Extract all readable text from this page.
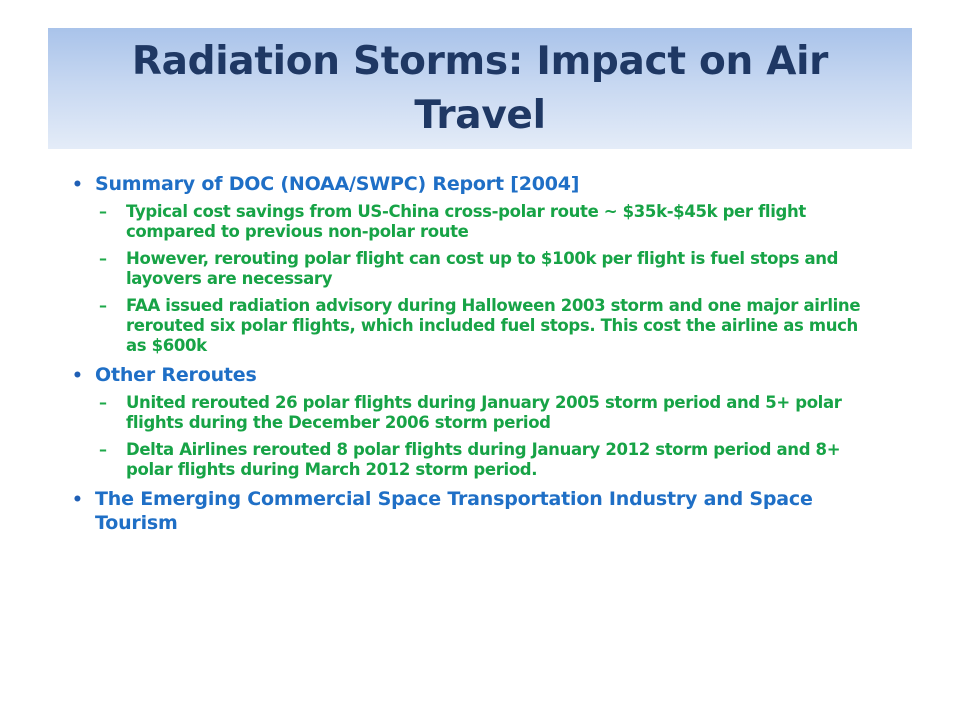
Radiation Storms: Impact on Air Travel
• Summary of DOC (NOAA/SWPC) Report [2004]
– Typical cost savings from US-China cross-polar route ~ $35k-$45k per flight compared to previous non-polar route
– However, rerouting polar flight can cost up to $100k per flight is fuel stops and layovers are necessary
– FAA issued radiation advisory during Halloween 2003 storm and one major airline rerouted six polar flights, which included fuel stops. This cost the airline as much as $600k
• Other Reroutes
– United rerouted 26 polar flights during January 2005 storm period and 5+ polar flights during the December 2006 storm period
– Delta Airlines rerouted 8 polar flights during January 2012 storm period and 8+ polar flights during March 2012 storm period.
• The Emerging Commercial Space Transportation Industry and Space Tourism
